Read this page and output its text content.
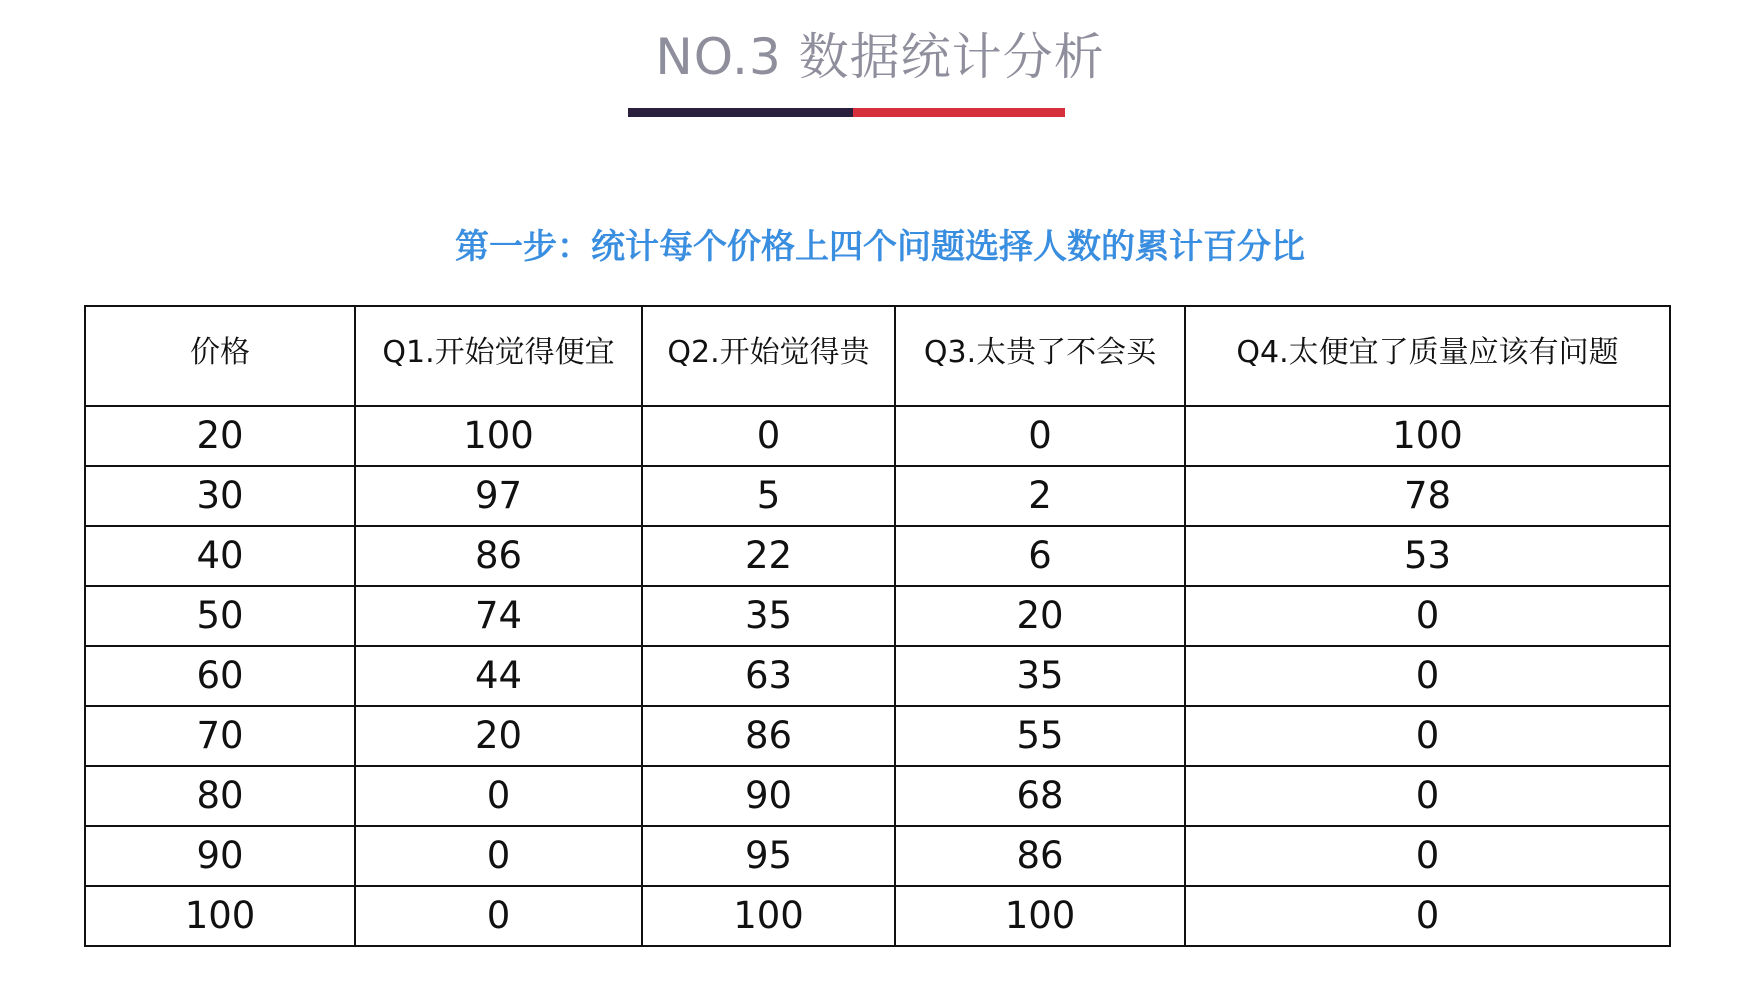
NO.3 数据统计分析
第一步：统计每个价格上四个问题选择人数的累计百分比
价格	Q1.开始觉得便宜	Q2.开始觉得贵	Q3.太贵了不会买	Q4.太便宜了质量应该有问题
20	100	0	0	100
30	97	5	2	78
40	86	22	6	53
50	74	35	20	0
60	44	63	35	0
70	20	86	55	0
80	0	90	68	0
90	0	95	86	0
100	0	100	100	0
